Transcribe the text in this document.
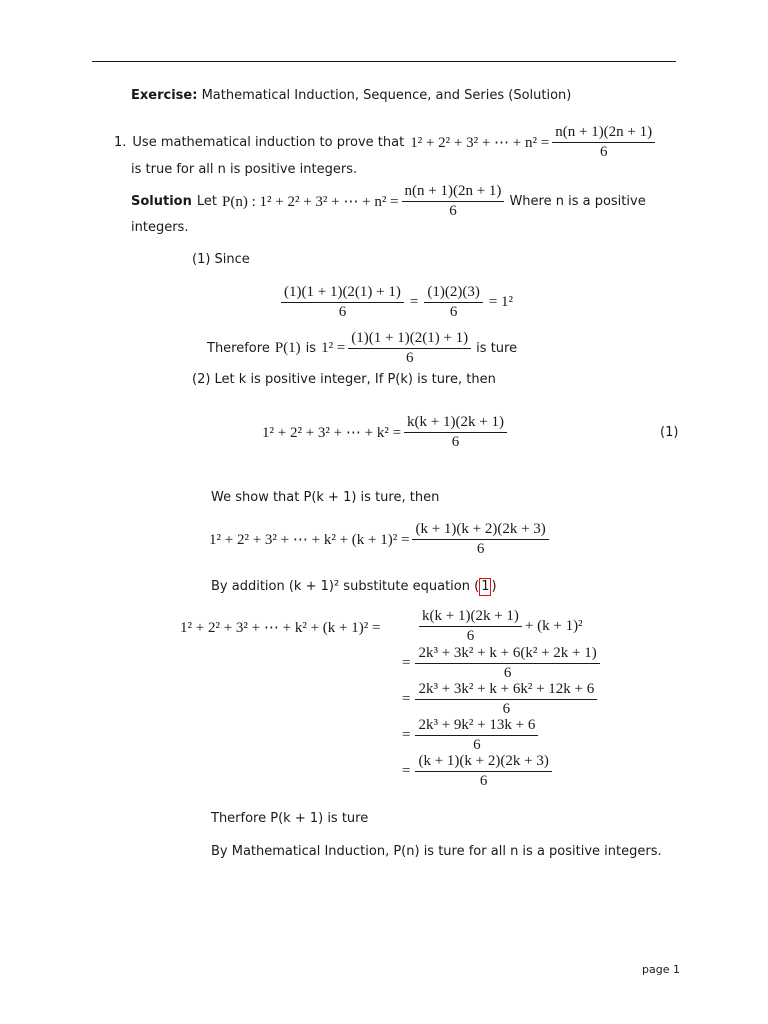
Exercise: Mathematical Induction, Sequence, and Series (Solution)
1. Use mathematical induction to prove that 1² + 2² + 3² + ⋯ + $n^2 = \frac{n(n + 1)(2n + 1)}{6}$
is true for all n is positive integers.
Solution Let P(n) : 1² + 2² + 3² + ⋯ + $n^2 = \frac{n(n + 1)(2n + 1)}{6}$ Where n is a positive
integers.
(1) Since
$\frac{(1)(1 + 1)(2(1) + 1)}{6} = \frac{(1)(2)(3)}{6} = 1^2$
Therefore P(1) is $1^2 = \frac{(1)(1 + 1)(2(1) + 1)}{6}$ is ture
(2) Let k is positive integer, If P(k) is ture, then
1² + 2² + 3² + ⋯ + $k^2 = \frac{k(k + 1)(2k + 1)}{6}$	(1)
We show that P(k + 1) is ture, then
1² + 2² + 3² + ⋯ + $k^2 + (k + 1)^2 = \frac{(k + 1)(k + 2)(2k + 3)}{6}$
By addition (k + 1)² substitute equation ( 1 )
1² + 2² + 3² + ⋯ + k² + (k + 1)² =	$\frac{k(k + 1)(2k + 1)}{6} + (k + 1)^2$
= $\frac{\text{2k³ + 3k² + k + 6(k² + 2k + 1)}}{6}$
= $\frac{\text{2k³ + 3k² + k + 6k² + 12k + 6}}{6}$
= $\frac{\text{2k³ + 9k² + 13k + 6}}{6}$
= $\frac{(k + 1)(k + 2)(2k + 3)}{6}$
Therfore P(k + 1) is ture
By Mathematical Induction, P(n) is ture for all n is a positive integers.
page 1
